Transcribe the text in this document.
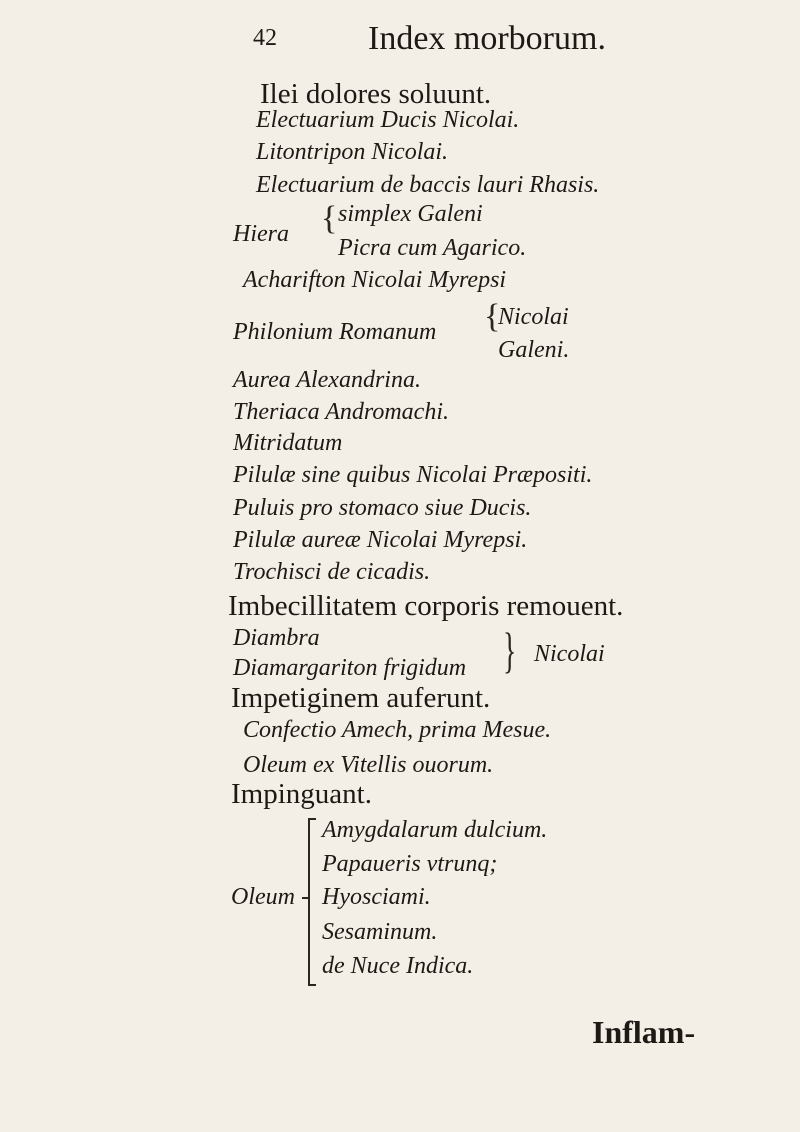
42	Index morborum.
Ilei dolores soluunt.
Electuarium Ducis Nicolai.
Litontripon Nicolai.
Electuarium de baccis lauri Rhasis.
Hiera { simplex Galeni
Picra cum Agarico.
Acharifton Nicolai Myrepsi
Philonium Romanum {
Nicolai
Galeni.
Aurea Alexandrina.
Theriaca Andromachi.
Mitridatum
Pilulæ sine quibus Nicolai Præpositi.
Puluis pro stomaco siue Ducis.
Pilulæ aureæ Nicolai Myrepsi.
Trochisci de cicadis.
Imbecillitatem corporis remouent.
Diambra
Diamargariton frigidum } Nicolai
Impetiginem auferunt.
Confectio Amech, prima Mesue.
Oleum ex Vitellis ouorum.
Impinguant.
Oleum
Amygdalarum dulcium.
Papaueris vtrunq;
Hyosciami.
Sesaminum.
de Nuce Indica.
Inflam-
